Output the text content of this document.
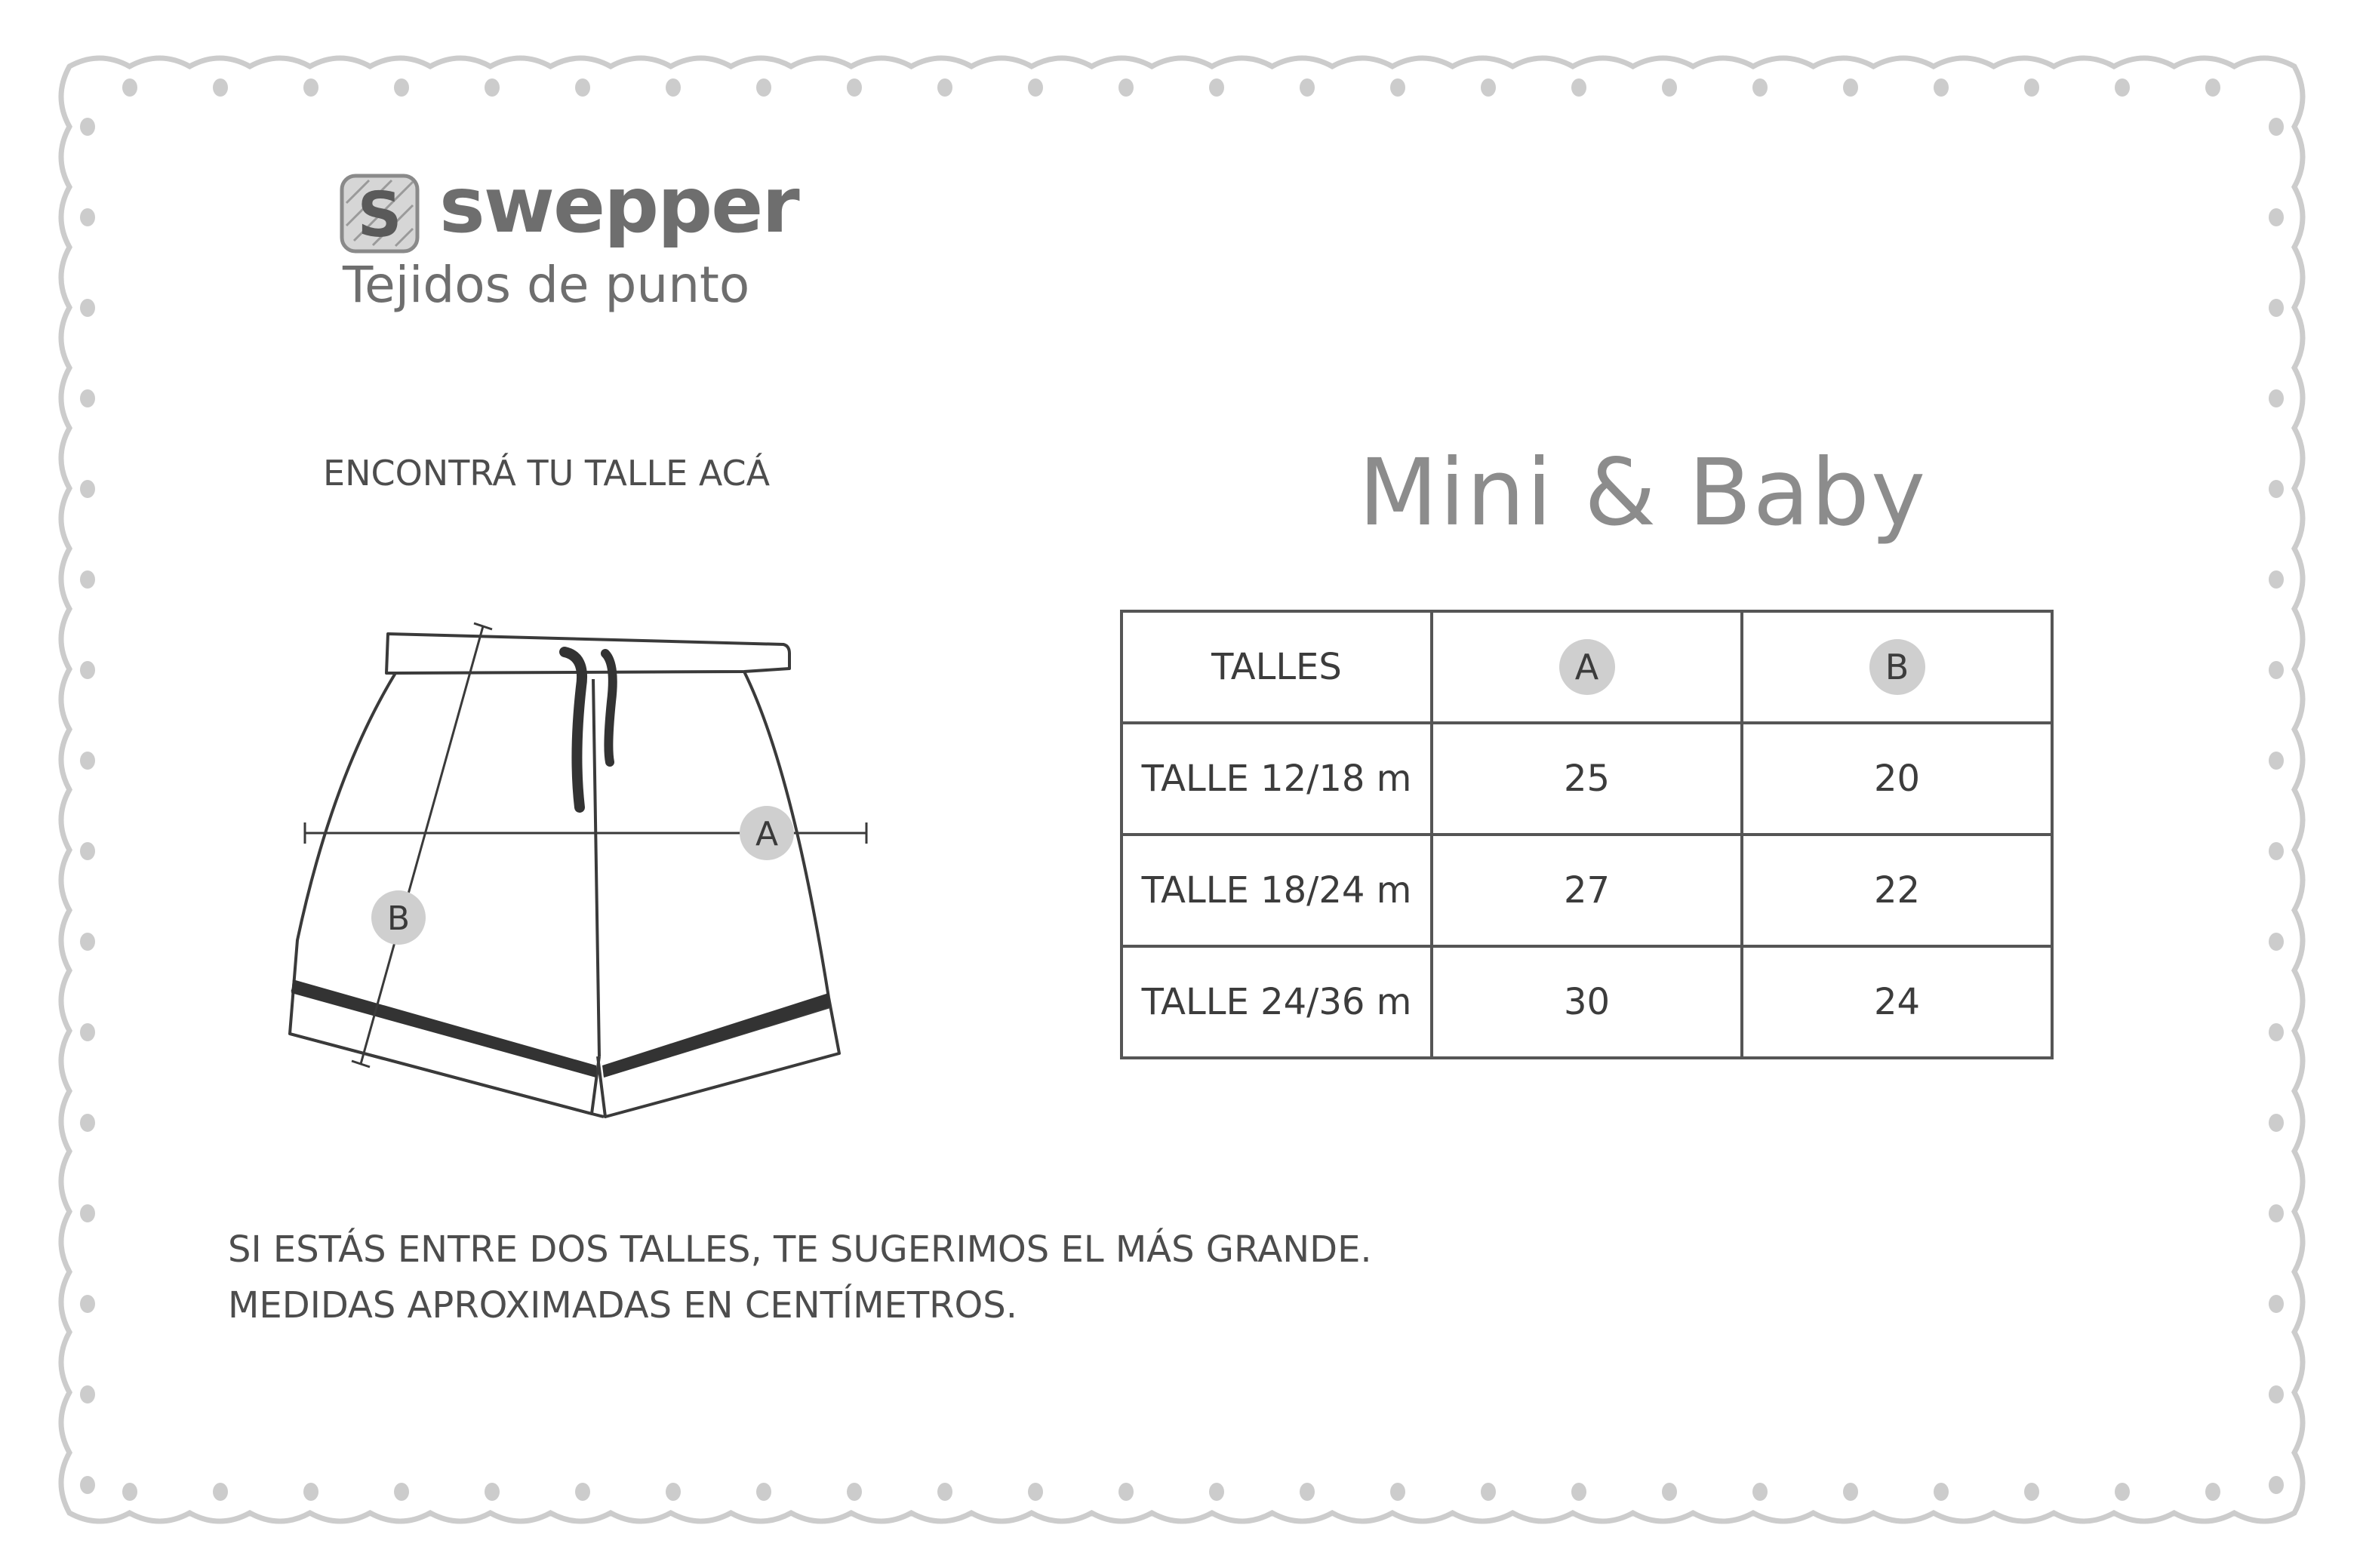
S swepper
Tejidos de punto
ENCONTRÁ TU TALLE ACÁ	Mini & Baby
A
B
TALLES	A	B
TALLE 12/18 m	25	20
TALLE 18/24 m	27	22
TALLE 24/36 m	30	24
SI ESTÁS ENTRE DOS TALLES, TE SUGERIMOS EL MÁS GRANDE.
MEDIDAS APROXIMADAS EN CENTÍMETROS.
